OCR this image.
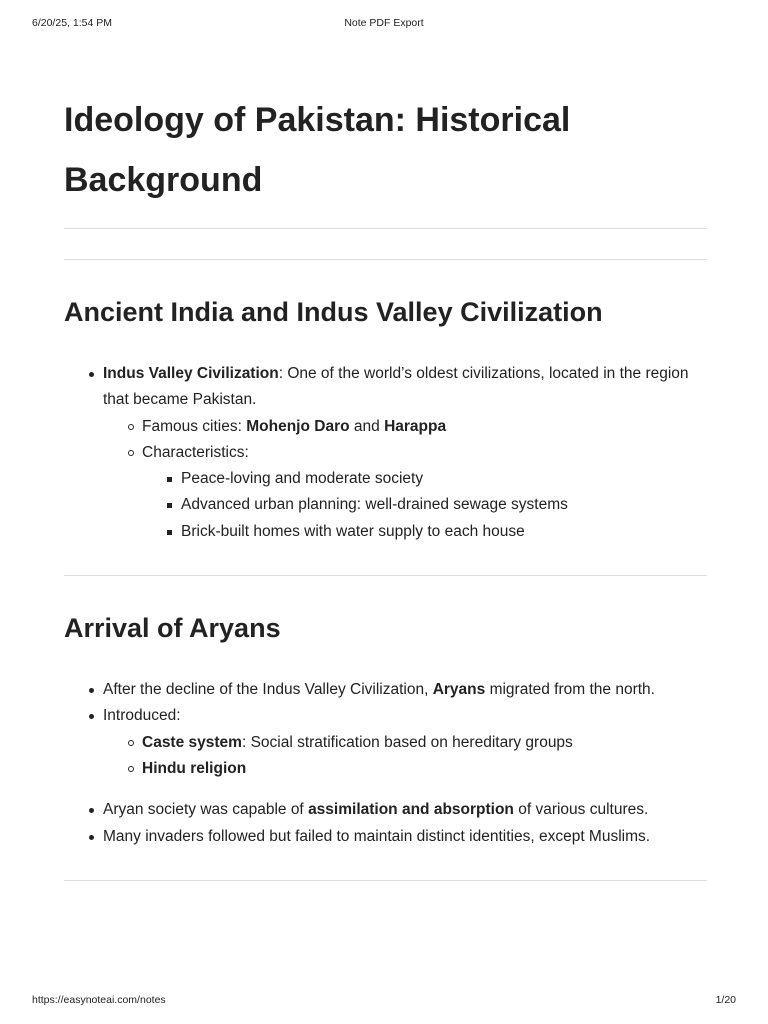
6/20/25, 1:54 PM	Note PDF Export
Ideology of Pakistan: Historical
Background
Ancient India and Indus Valley Civilization
Indus Valley Civilization: One of the world’s oldest civilizations, located in the region
that became Pakistan.
Famous cities: Mohenjo Daro and Harappa
Characteristics:
Peace-loving and moderate society
Advanced urban planning: well-drained sewage systems
Brick-built homes with water supply to each house
Arrival of Aryans
After the decline of the Indus Valley Civilization, Aryans migrated from the north.
Introduced:
Caste system: Social stratification based on hereditary groups
Hindu religion
Aryan society was capable of assimilation and absorption of various cultures.
Many invaders followed but failed to maintain distinct identities, except Muslims.
https://easynoteai.com/notes	1/20
